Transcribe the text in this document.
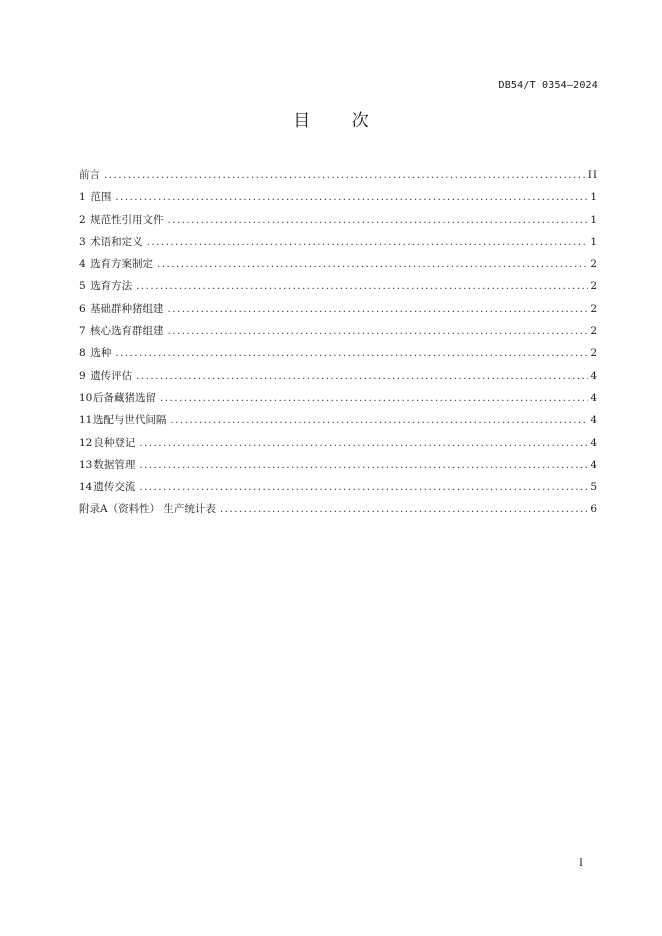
DB54/T 0354—2024
目 次
前言 .....	II
1 范围 .....	1
2 规范性引用文件 .....	1
3 术语和定义 .....	1
4 选育方案制定 .....	2
5 选育方法 .....	2
6 基础群种猪组建 .....	2
7 核心选育群组建 .....	2
8 选种 .....	2
9 遗传评估 .....	4
10 后备藏猪选留 .....	4
11 选配与世代间隔 .....	4
12 良种登记 .....	4
13 数据管理 .....	4
14 遗传交流 .....	5
附录A（资料性） 生产统计表 .....	6
I
